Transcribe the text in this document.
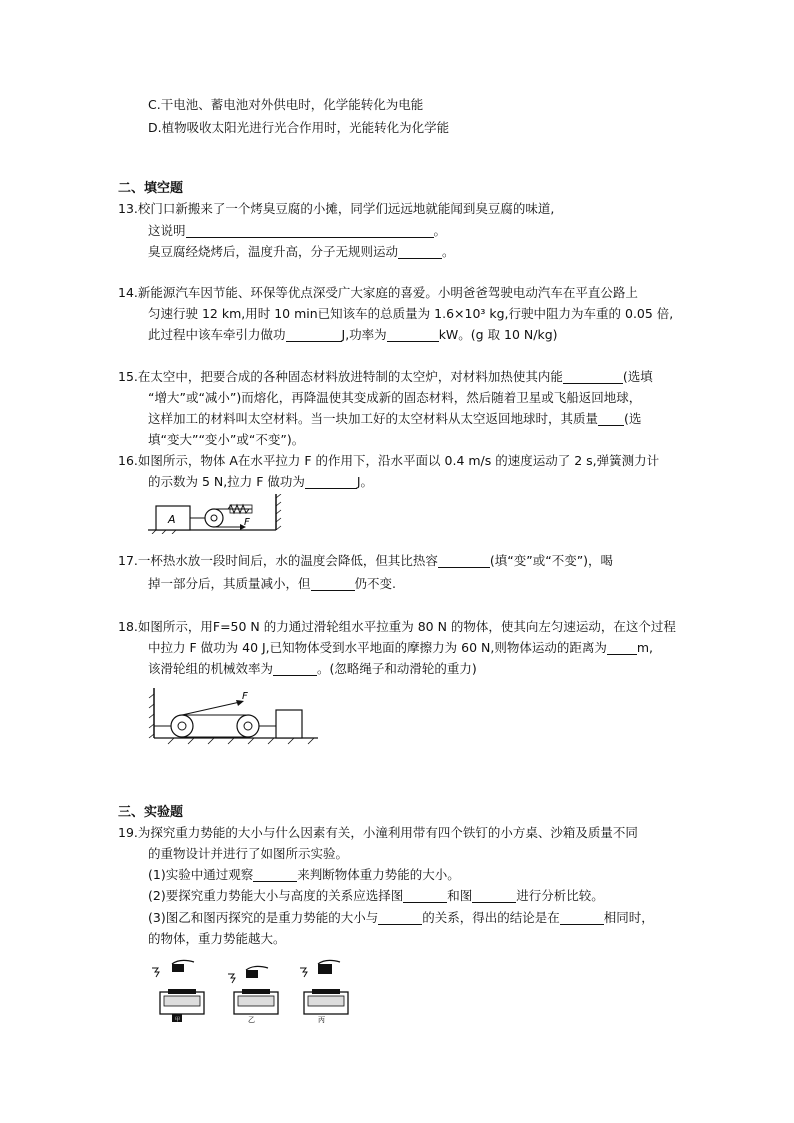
C.干电池、蓄电池对外供电时，化学能转化为电能
D.植物吸收太阳光进行光合作用时，光能转化为化学能
二、填空题
13.校门口新搬来了一个烤臭豆腐的小摊，同学们远远地就能闻到臭豆腐的味道,
这说明	。
臭豆腐经烧烤后，温度升高，分子无规则运动	。
14.新能源汽车因节能、环保等优点深受广大家庭的喜爱。小明爸爸驾驶电动汽车在平直公路上
匀速行驶 12 km,用时 10 min已知该车的总质量为 1.6×10³ kg,行驶中阻力为车重的 0.05 倍,
此过程中该车牵引力做功	J,功率为	kW。(g 取 10 N/kg)
15.在太空中，把要合成的各种固态材料放进特制的太空炉，对材料加热使其内能	(选填
“增大”或“减小”)而熔化，再降温使其变成新的固态材料，然后随着卫星或飞船返回地球，
这样加工的材料叫太空材料。当一块加工好的太空材料从太空返回地球时，其质量 (选
填“变大”“变小”或“不变”)。
16.如图所示，物体 A在水平拉力 F 的作用下，沿水平面以 0.4 m/s 的速度运动了 2 s,弹簧测力计
的示数为 5 N,拉力 F 做功为	J。
A	F
17.一杯热水放一段时间后，水的温度会降低，但其比热容	(填“变”或“不变”)，喝
掉一部分后，其质量减小，但	仍不变.
18.如图所示，用F=50 N 的力通过滑轮组水平拉重为 80 N 的物体，使其向左匀速运动，在这个过程
中拉力 F 做功为 40 J,已知物体受到水平地面的摩擦力为 60 N,则物体运动的距离为 m,
该滑轮组的机械效率为	。(忽略绳子和动滑轮的重力)
F
三、实验题
19.为探究重力势能的大小与什么因素有关，小潼利用带有四个铁钉的小方桌、沙箱及质量不同
的重物设计并进行了如图所示实验。
(1)实验中通过观察	来判断物体重力势能的大小。
(2)要探究重力势能大小与高度的关系应选择图	和图	进行分析比较。
(3)图乙和图丙探究的是重力势能的大小与	的关系，得出的结论是在	相同时，
的物体，重力势能越大。
甲	乙	丙
